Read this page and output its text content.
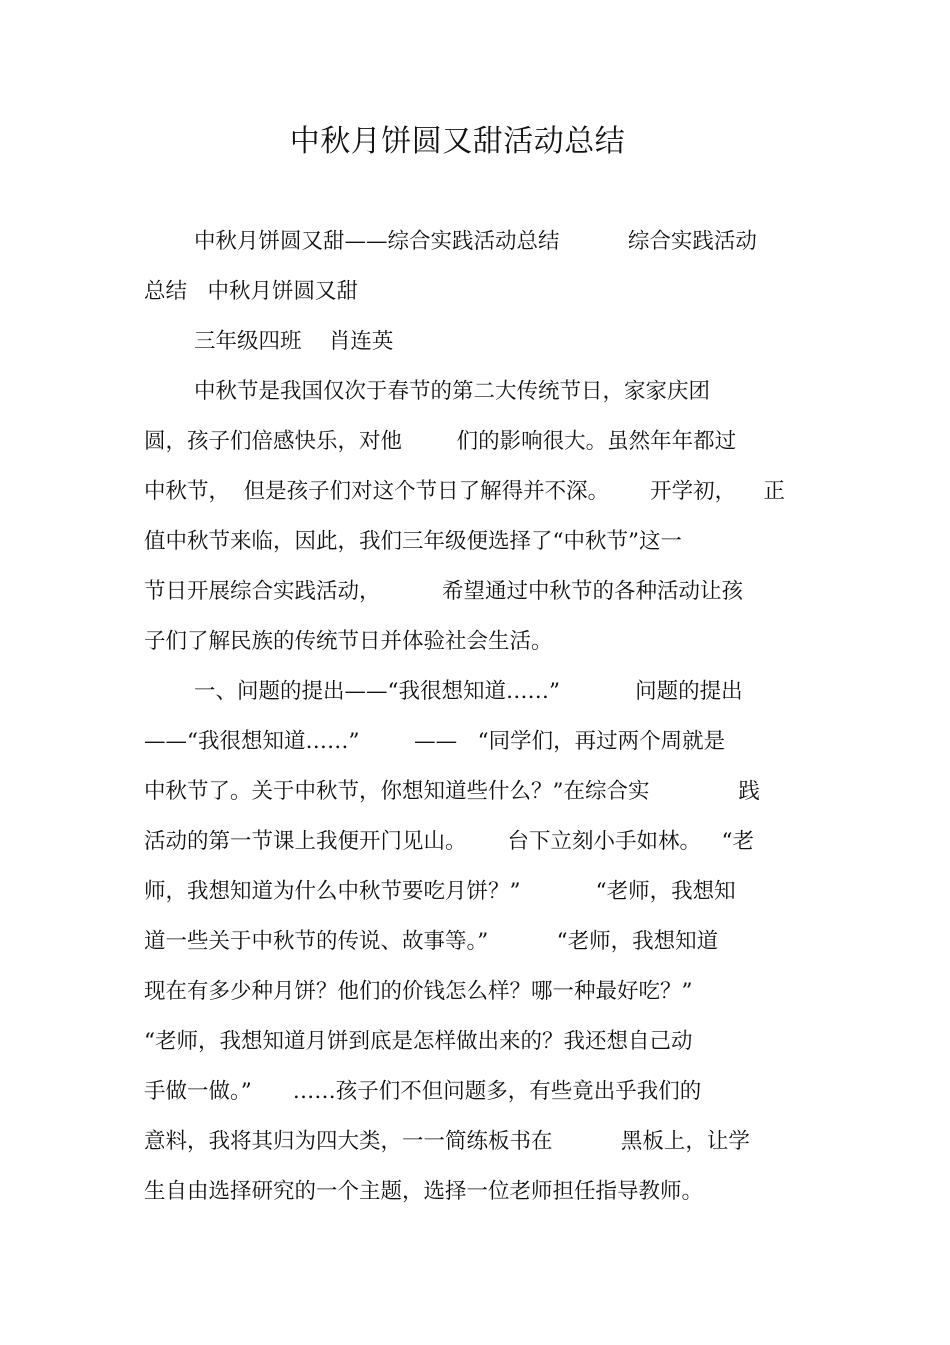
中秋月饼圆又甜活动总结
中秋月饼圆又甜——综合实践活动总结          综合实践活动
总结   中秋月饼圆又甜
三年级四班    肖连英
中秋节是我国仅次于春节的第二大传统节日，家家庆团
圆，孩子们倍感快乐，对他        们的影响很大。虽然年年都过
中秋节，  但是孩子们对这个节日了解得并不深。      开学初，    正
值中秋节来临，因此，我们三年级便选择了“中秋节”这一
节日开展综合实践活动，         希望通过中秋节的各种活动让孩
子们了解民族的传统节日并体验社会生活。
一、问题的提出——“我很想知道……”           问题的提出
——“我很想知道……”        ——   “同学们，再过两个周就是
中秋节了。关于中秋节，你想知道些什么？”在综合实             践
活动的第一节课上我便开门见山。      台下立刻小手如林。   “老
师，我想知道为什么中秋节要吃月饼？”           “老师，我想知
道一些关于中秋节的传说、故事等。”          “老师，我想知道
现在有多少种月饼？他们的价钱怎么样？哪一种最好吃？”
“老师，我想知道月饼到底是怎样做出来的？我还想自己动
手做一做。”      ……孩子们不但问题多，有些竟出乎我们的
意料，我将其归为四大类，一一简练板书在          黑板上，让学
生自由选择研究的一个主题，选择一位老师担任指导教师。
